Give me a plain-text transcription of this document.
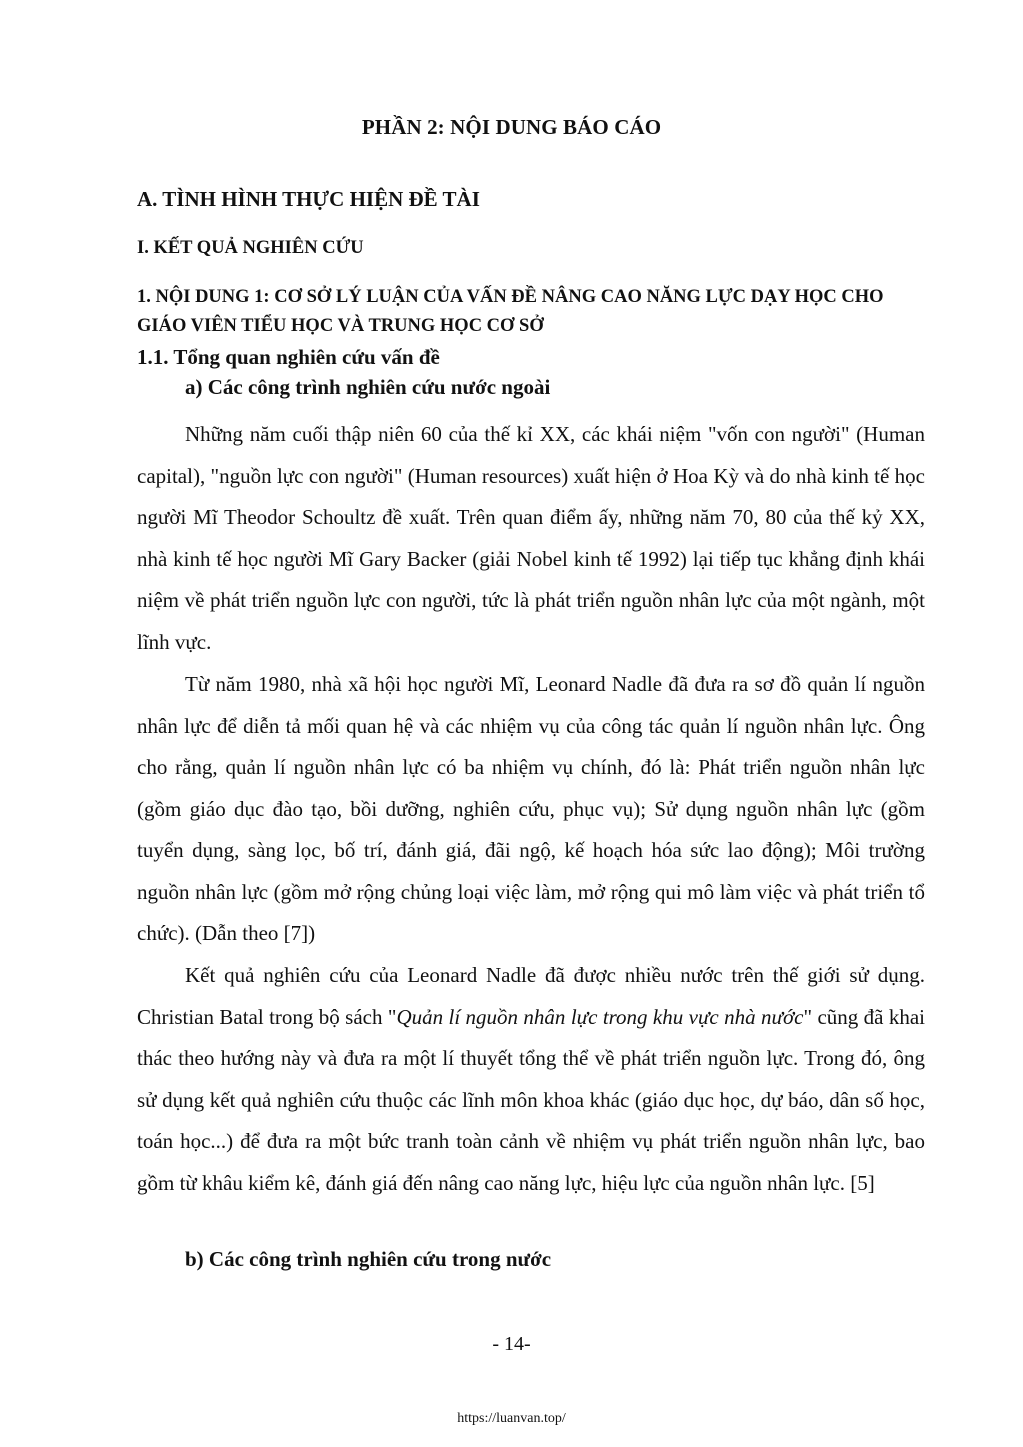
PHẦN 2: NỘI DUNG BÁO CÁO
A. TÌNH HÌNH THỰC HIỆN ĐỀ TÀI
I. KẾT QUẢ NGHIÊN CỨU
1. NỘI DUNG 1: CƠ SỞ LÝ LUẬN CỦA VẤN ĐỀ NÂNG CAO NĂNG LỰC DẠY HỌC CHO GIÁO VIÊN TIỂU HỌC VÀ TRUNG HỌC CƠ SỞ
1.1. Tổng quan nghiên cứu vấn đề
a) Các công trình nghiên cứu nước ngoài

Những năm cuối thập niên 60 của thế kỉ XX, các khái niệm "vốn con người" (Human capital), "nguồn lực con người" (Human resources) xuất hiện ở Hoa Kỳ và do nhà kinh tế học người Mĩ Theodor Schoultz đề xuất. Trên quan điểm ấy, những năm 70, 80 của thế kỷ XX, nhà kinh tế học người Mĩ Gary Backer (giải Nobel kinh tế 1992) lại tiếp tục khẳng định khái niệm về phát triển nguồn lực con người, tức là phát triển nguồn nhân lực của một ngành, một lĩnh vực.

Từ năm 1980, nhà xã hội học người Mĩ, Leonard Nadle đã đưa ra sơ đồ quản lí nguồn nhân lực để diễn tả mối quan hệ và các nhiệm vụ của công tác quản lí nguồn nhân lực. Ông cho rằng, quản lí nguồn nhân lực có ba nhiệm vụ chính, đó là: Phát triển nguồn nhân lực (gồm giáo dục đào tạo, bồi dưỡng, nghiên cứu, phục vụ); Sử dụng nguồn nhân lực (gồm tuyển dụng, sàng lọc, bố trí, đánh giá, đãi ngộ, kế hoạch hóa sức lao động); Môi trường nguồn nhân lực (gồm mở rộng chủng loại việc làm, mở rộng qui mô làm việc và phát triển tổ chức). (Dẫn theo [7])

Kết quả nghiên cứu của Leonard Nadle đã được nhiều nước trên thế giới sử dụng. Christian Batal trong bộ sách "Quản lí nguồn nhân lực trong khu vực nhà nước" cũng đã khai thác theo hướng này và đưa ra một lí thuyết tổng thể về phát triển nguồn lực. Trong đó, ông sử dụng kết quả nghiên cứu thuộc các lĩnh môn khoa khác (giáo dục học, dự báo, dân số học, toán học...) để đưa ra một bức tranh toàn cảnh về nhiệm vụ phát triển nguồn nhân lực, bao gồm từ khâu kiểm kê, đánh giá đến nâng cao năng lực, hiệu lực của nguồn nhân lực. [5]

b) Các công trình nghiên cứu trong nước
- 14-
https://luanvan.top/
